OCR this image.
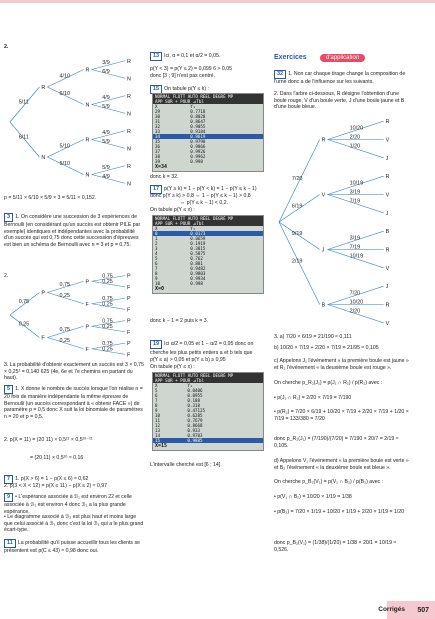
2.
5/11
R
6/11
N
4/10
R
6/10
N
5/10
R
5/10
N
3/9	R
6/9
N
4/9	R
5/9
N
4/9	R
5/9
N
5/9	R
4/9
N
p = 5/11 × 6/10 × 5/9 × 3 = 5/11 ≈ 0,152.
3 1. On considère une succession de 3 expériences de Bernoulli (en considérant qu'un succès est obtenir PILE par exemple) identiques et indépendantes avec la probabilité d'un succès qui est 0,75 donc cette succession d'épreuves est bien un schéma de Bernoulli avec n = 3 et p = 0,75.
2.
0,75
P
0,25
F
0,75	P
0,25
F
0,75	P
0,25
F
0,75	P
0,25
F
0,75	P
0,25
F
0,75	P
0,25
F
0,75	P
0,25
F
3. La probabilité d'obtenir exactement un succès est 3 × 0,75 × 0,25² = 0,140 625 (4e, 6e et 7e chemins en partant du haut).
5 1. X donne le nombre de succès lorsque l'on réalise n = 20 fois de manière indépendante la même épreuve de Bernoulli (un succès correspondant à « obtenir FACE ») de paramètre p = 0,5 donc X suit la loi binomiale de paramètres n = 20 et p = 0,5.
2. p(X = 11) = (20 11) × 0,5¹¹ × 0,5²⁰⁻¹¹
= (20 11) × 0,5²⁰ ≈ 0,16
7 1. p(X > 6) = 1 − p(X ≤ 6) ≈ 0,62
2. p(3 < X < 12) = p(X ≤ 11) − p(X ≤ 2) ≈ 0,97
9 • L'espérance associée à ℬ₁ est environ 22 et celle associée à ℬ₂ est environ 4 donc ℬ₁ a la plus grande espérance.
• Le diagramme associé à ℬ₂ est plus haut et moins large que celui associé à ℬ₁ donc c'est la loi ℬ₁ qui a le plus grand écart-type.
11 La probabilité qu'il puisse accueillir tous les clients se présentent est p(C ≤ 43) ≈ 0,98 donc oui.
13 Ici, α = 0,1 et α/2 = 0,05.
p(Y < 3) = p(Y ≤ 2) = 0,099 6 > 0,05
donc [3 ; 9] n'est pas centré.
15 On tabule p(Y ≤ k) :
NORMAL FLOTT AUTO RÉEL DEGRÉ MP
APP SUR + POUR ⊿Tbl
X	Y₁
29	0.7718
30	0.8028
31	0.8647
32	0.9055
33	0.9184
34	0.9619
35	0.9798
36	0.9866
37	0.9926
38	0.9962
39	0.998
X=34
donc k = 32.
17 p(Y ≥ k) = 1 − p(Y < k) = 1 − p(Y ≤ k − 1)
donc p(Y ≥ k) > 0,8 ⇔ 1 − p(Y ≤ k − 1) > 0,8
⇔ p(Y ≤ k − 1) < 0,2.
On tabule p(Y ≤ x) :
NORMAL FLOTT AUTO RÉEL DEGRÉ MP
APP SUR + POUR ⊿Tbl
X	Y₁
0	0.0173
1	0.0659
2	0.1919
3	0.3815
4	0.5875
5	0.762
6	0.881
7	0.9482
8	0.9803
9	0.9934
10	0.998
X=0
donc k − 1 = 2 puis k = 3.
19 Ici α/2 = 0,05 et 1 − α/2 = 0,95 donc on
cherche les plus petits entiers a et b tels que
p(Y ≤ a) > 0,05 et p(Y ≤ b) ≥ 0,95
On tabule p(Y ≤ x) :
NORMAL FLOTT AUTO RÉEL DEGRÉ MP
APP SUR + POUR ⊿Tbl
X	Y₁
5	0.0406
6	0.0955
7	0.188
8	0.318
9	0.47125
10	0.6285
11	0.7679
12	0.8668
13	0.933
14	0.9703
15	0.9885
X=15
L'intervalle cherché est [6 ; 14].
Exercices	d'application
32 1. Non car chaque tirage change la composition de l'urne donc a de l'influence sur les suivants.
2. Dans l'arbre ci-dessous, R désigne l'obtention d'une boule rouge, V d'un boule verte, J d'une boule jaune et B d'une boule bleue.
7/20
R
10/20
R
2/20	V
1/20
J
6/19
V
10/19
R
3/19	V
7/19
J
9/19
J
3/19
B
7/19	R
10/19
V
2/19
B
7/20
J
10/20	R
2/20
V
3. a) 7/20 × 6/19 = 21/190 ≈ 0,111
b) 10/20 × 7/19 + 2/20 × 7/19 = 21/95 ≈ 0,105
c) Appelons J₁ l'événement « la première boule est jaune » et R₂ l'événement « la deuxième boule est rouge ».
On cherche p_R₂(J₁) = p(J₁ ∩ R₂) / p(R₂) avec :
• p(J₁ ∩ R₂) = 2/20 × 7/19 = 7/190
• p(R₂) = 7/20 × 6/19 + 10/20 × 7/19 + 2/20 × 7/19 + 1/20 × 7/19 = 133/380 = 7/20
donc p_R₂(J₁) = (7/190)/(7/20) = 7/190 × 20/7 = 2/19 ≈ 0,105.
d) Appelons V₁ l'événement « la première boule est verte » et B₂ l'événement « la deuxième boule est bleue ».
On cherche p_B₂(V₁) = p(V₁ ∩ B₂) / p(B₂) avec :
• p(V₁ ∩ B₂) = 10/20 × 1/19 = 1/38
• p(B₂) = 7/20 × 1/19 + 10/20 × 1/19 + 2/20 × 1/19 = 1/20
donc p_B₂(V₁) = (1/38)/(1/20) = 1/38 × 20/1 = 10/19 ≈ 0,526.
Corrigés 507
